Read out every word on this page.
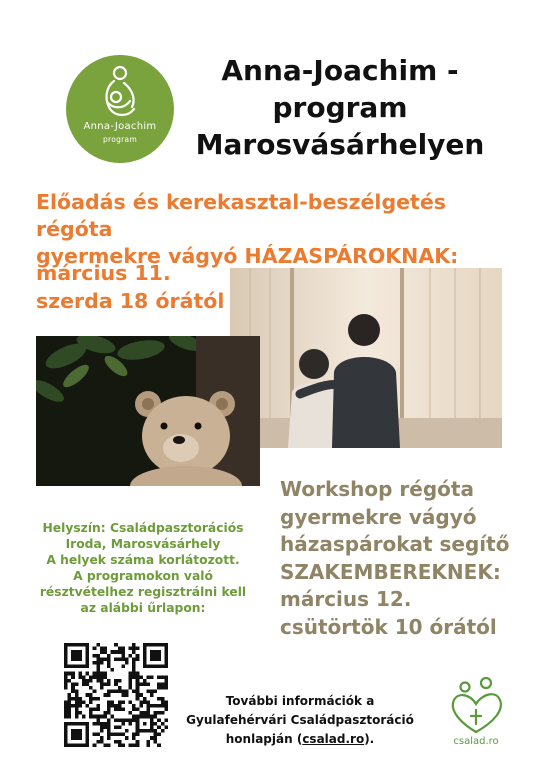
Anna-Joachim
program
Anna-Joachim -
program
Marosvásárhelyen
Előadás és kerekasztal-beszélgetés régóta
gyermekre vágyó HÁZASPÁROKNAK:
március 11.
szerda 18 órától
Workshop régóta
gyermekre vágyó
házaspárokat segítő
SZAKEMBEREKNEK:
március 12.
csütörtök 10 órától
Helyszín: Családpasztorációs
Iroda, Marosvásárhely
A helyek száma korlátozott.
A programokon való
résztvételhez regisztrálni kell
az alábbi űrlapon:
További információk a
Gyulafehérvári Családpasztoráció
honlapján (csalad.ro).	csalad.ro
